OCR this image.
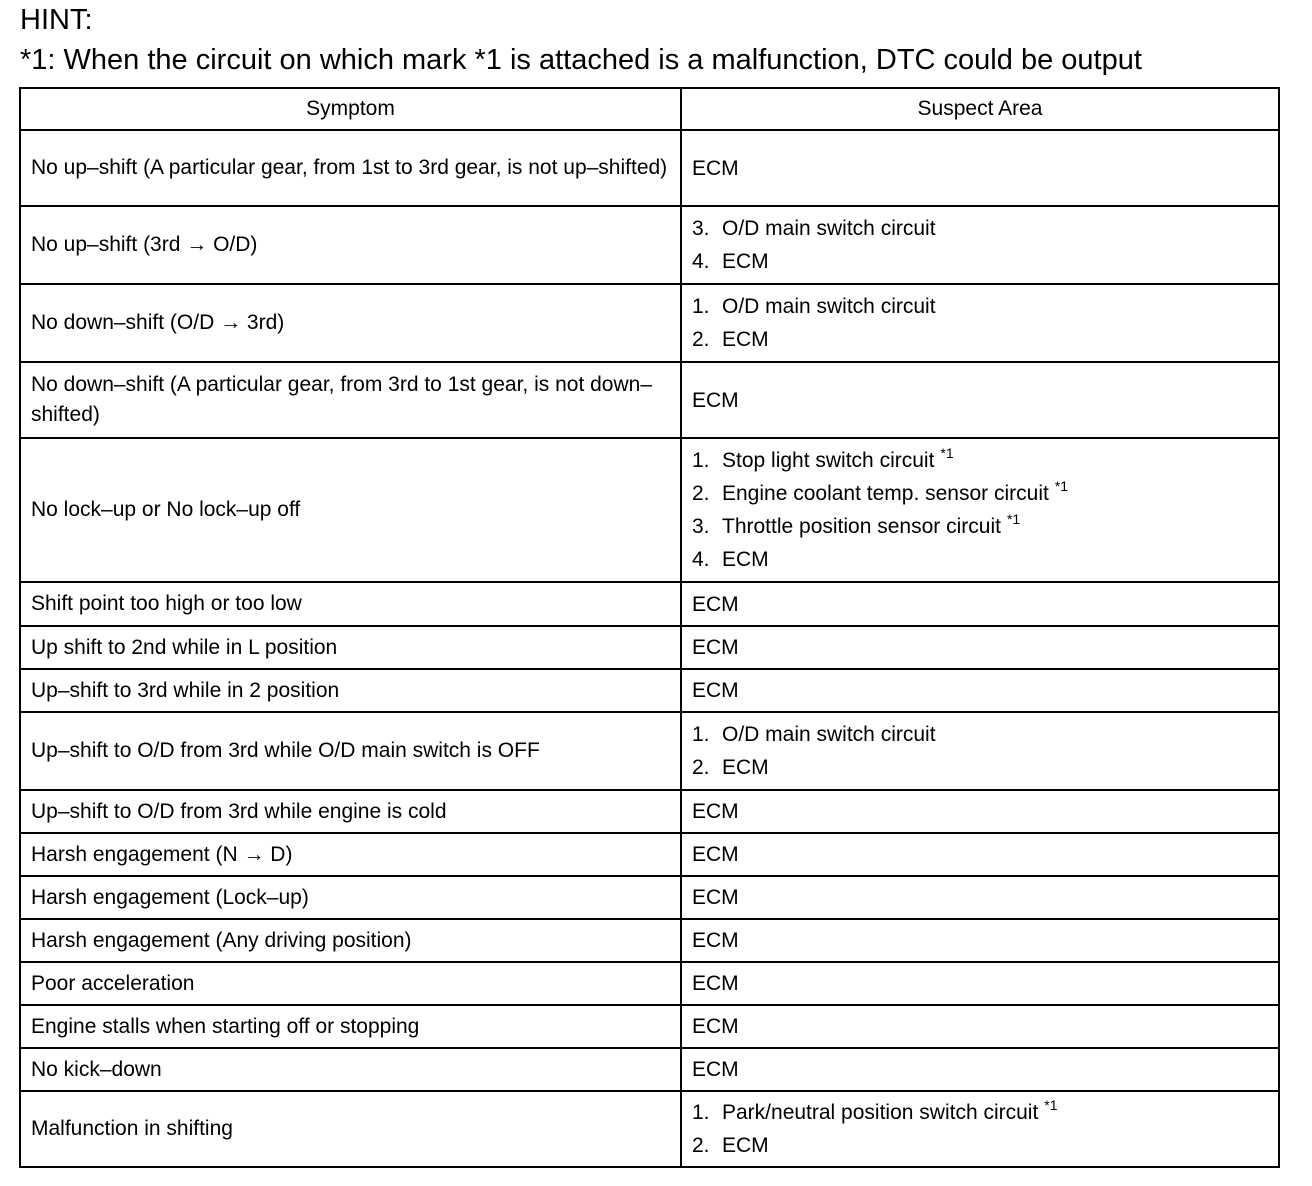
HINT:
*1: When the circuit on which mark *1 is attached is a malfunction, DTC could be output
Symptom	Suspect Area
No up–shift (A particular gear, from 1st to 3rd gear, is not up–shifted)	ECM

No up–shift (3rd → O/D)	3. O/D main switch circuit
4. ECM

No down–shift (O/D → 3rd)	1. O/D main switch circuit
2. ECM

No down–shift (A particular gear, from 3rd to 1st gear, is not down–shifted)	ECM

No lock–up or No lock–up off	1. Stop light switch circuit $^{*1}$
2. Engine coolant temp. sensor circuit $^{*1}$
3. Throttle position sensor circuit $^{*1}$
4. ECM

Shift point too high or too low	ECM

Up shift to 2nd while in L position	ECM

Up–shift to 3rd while in 2 position	ECM

Up–shift to O/D from 3rd while O/D main switch is OFF	1. O/D main switch circuit
2. ECM

Up–shift to O/D from 3rd while engine is cold	ECM

Harsh engagement (N → D)	ECM

Harsh engagement (Lock–up)	ECM

Harsh engagement (Any driving position)	ECM

Poor acceleration	ECM

Engine stalls when starting off or stopping	ECM

No kick–down	ECM

Malfunction in shifting	1. Park/neutral position switch circuit $^{*1}$
2. ECM
